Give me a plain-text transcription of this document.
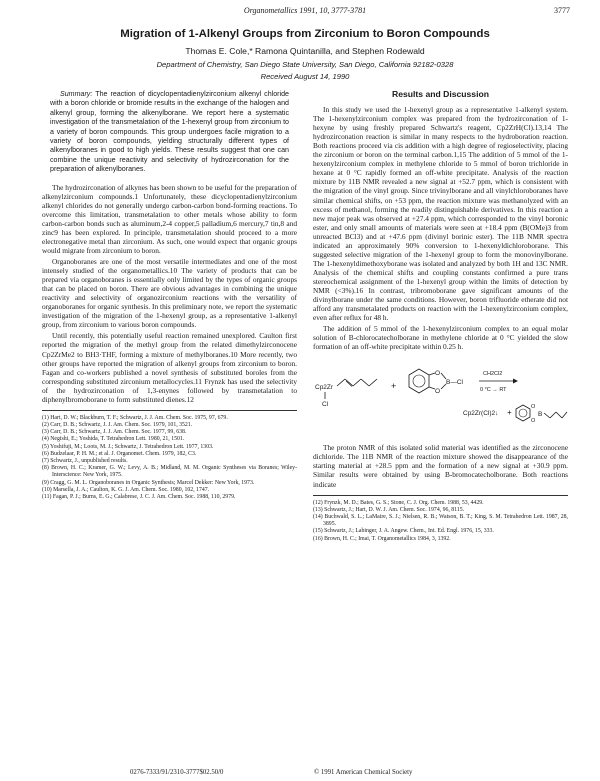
Organometallics 1991, 10, 3777-3781	3777
Migration of 1-Alkenyl Groups from Zirconium to Boron Compounds
Thomas E. Cole,* Ramona Quintanilla, and Stephen Rodewald
Department of Chemistry, San Diego State University, San Diego, California 92182-0328
Received August 14, 1990
Summary: The reaction of dicyclopentadienylzirconium alkenyl chloride with a boron chloride or bromide results in the exchange of the halogen and alkenyl group, forming the alkenylborane. We report here a systematic investigation of the transmetalation of the 1-hexenyl group from zirconium to a variety of boron compounds. This group undergoes facile migration to a variety of boron compounds, yielding structurally different types of alkenylboranes in good to high yields. These results suggest that one can combine the unique reactivity and selectivity of hydrozirconation for the preparation of alkenylboranes.

The hydrozirconation of alkynes has been shown to be useful for the preparation of alkenylzirconium compounds.1 Unfortunately, these dicyclopentadienylzirconium alkenyl chlorides do not generally undergo carbon-carbon bond-forming reactions. To overcome this limitation, transmetalation to other metals whose ability to form carbon-carbon bonds such as aluminum,2-4 copper,5 palladium,6 mercury,7 tin,8 and zinc9 has been explored. In principle, transmetalation should proceed to a more electronegative metal than zirconium. As such, one would expect that organic groups would migrate from zirconium to boron.

Organoboranes are one of the most versatile intermediates and one of the most intensely studied of the organometallics.10 The variety of products that can be prepared via organoboranes is essentially only limited by the types of organic groups that can be placed on boron. There are obvious advantages in combining the unique reactivity and selectivity of organozirconium reactions with the versatility of organoboranes for organic synthesis. In this preliminary note, we report the systematic investigation of the migration of the 1-hexenyl group, as a representative 1-alkenyl group, from zirconium to various boron compounds.

Until recently, this potentially useful reaction remained unexplored. Caulton first reported the migration of the methyl group from the related dimethylzirconocene Cp2ZrMe2 to BH3·THF, forming a mixture of methylboranes.10 More recently, two other groups have reported the migration of alkenyl groups from zirconium to boron. Fagan and co-workers published a novel synthesis of substituted boroles from the corresponding substituted zirconium metallocycles.11 Frynzk has used the selectivity of the hydrozirconation of 1,3-enynes followed by transmetalation to diphenylbromoborane to form substituted dienes.12

(1) Hart, D. W.; Blackburn, T. F.; Schwartz, J. J. Am. Chem. Soc. 1975, 97, 679.
(2) Carr, D. B.; Schwartz, J. J. Am. Chem. Soc. 1979, 101, 3521.
(3) Carr, D. B.; Schwartz, J. J. Am. Chem. Soc. 1977, 99, 638.
(4) Negishi, E.; Yoshida, T. Tetrahedron Lett. 1980, 21, 1501.
(5) Yoshifuji, M.; Loots, M. J.; Schwartz, J. Tetrahedron Lett. 1977, 1303.
(6) Budzelaar, P. H. M.; et al. J. Organomet. Chem. 1979, 182, C3.
(7) Schwartz, J., unpublished results.
(8) Brown, H. C.; Kramer, G. W.; Levy, A. B.; Midland, M. M. Organic Syntheses via Boranes; Wiley-Interscience: New York, 1975.
(9) Cragg, G. M. L. Organoboranes in Organic Synthesis; Marcel Dekker: New York, 1973.
(10) Marsella, J. A.; Caulton, K. G. J. Am. Chem. Soc. 1980, 102, 1747.
(11) Fagan, P. J.; Burns, E. G.; Calabrese, J. C. J. Am. Chem. Soc. 1988, 110, 2979.
Results and Discussion

In this study we used the 1-hexenyl group as a representative 1-alkenyl system. The 1-hexenylzirconium complex was prepared from the hydrozirconation of 1-hexyne by using freshly prepared Schwartz's reagent, Cp2ZrH(Cl).13,14 The hydrozirconation reaction is similar in many respects to the hydroboration reaction. Both reactions proceed via cis addition with a high degree of regioselectivity, placing the zirconium or boron on the terminal carbon.1,15 The addition of 5 mmol of the 1-hexenylzirconium complex in methylene chloride to 5 mmol of boron trichloride in hexane at 0 °C rapidly formed an off-white precipitate. Analysis of the reaction mixture by 11B NMR revealed a new signal at +52.7 ppm, which is consistent with the migration of the vinyl group. Since trivinylborane and all vinylchloroboranes have similar chemical shifts, on +53 ppm, the reaction mixture was methanolyzed with an excess of methanol, forming the readily distinguishable derivatives. In this reaction a new major peak was observed at +27.4 ppm, which corresponded to the vinyl boronic ester, and only small amounts of materials were seen at +18.4 ppm (B(OMe)3 from unreacted BCl3) and at +47.6 ppm (divinyl borinic ester). The 11B NMR spectra indicated an approximately 90% conversion to 1-hexenyldichloroborane. This suggested selective migration of the 1-hexenyl group to form the monovinylborane. The 1-hexenyldimethoxyborane was isolated and analyzed by both 1H and 13C NMR. Analysis of the chemical shifts and coupling constants confirmed a pure trans stereochemical assignment of the 1-hexenyl group within the limits of detection by NMR (<3%).16 In contrast, tribromoborane gave significant amounts of the divinylborane under the same conditions. However, boron trifluoride etherate did not afford any transmetalated products on reaction with the 1-hexenylzirconium complex, even after reflux for 48 h.

The addition of 5 mmol of the 1-hexenylzirconium complex to an equal molar solution of B-chlorocatecholborane in methylene chloride at 0 °C yielded the slow formation of an off-white precipitate within 0.25 h.

Cp2Zr
Cl
+
O
O
B—Cl
CH2Cl2
0 °C → RT
Cp2Zr(Cl)2↓ +
O
O
B

The proton NMR of this isolated solid material was identified as the zirconocene dichloride. The 11B NMR of the reaction mixture showed the disappearance of the starting material at +28.5 ppm and the formation of a new signal at +30.9 ppm. Similar results were obtained by using B-bromocatecholborane. Both reactions indicate

(12) Frynzk, M. D.; Bates, G. S.; Stone, C. J. Org. Chem. 1988, 53, 4429.
(13) Schwartz, J.; Hart, D. W. J. Am. Chem. Soc. 1974, 96, 8115.
(14) Buchwald, S. L.; LaMaire, S. J.; Nielsen, R. B.; Watson, B. T.; King, S. M. Tetrahedron Lett. 1987, 28, 3895.
(15) Schwartz, J.; Labinger, J. A. Angew. Chem., Int. Ed. Engl. 1976, 15, 333.
(16) Brown, H. C.; Imai, T. Organometallics 1984, 3, 1392.
0276-7333/91/2310-3777$02.50/0	© 1991 American Chemical Society
